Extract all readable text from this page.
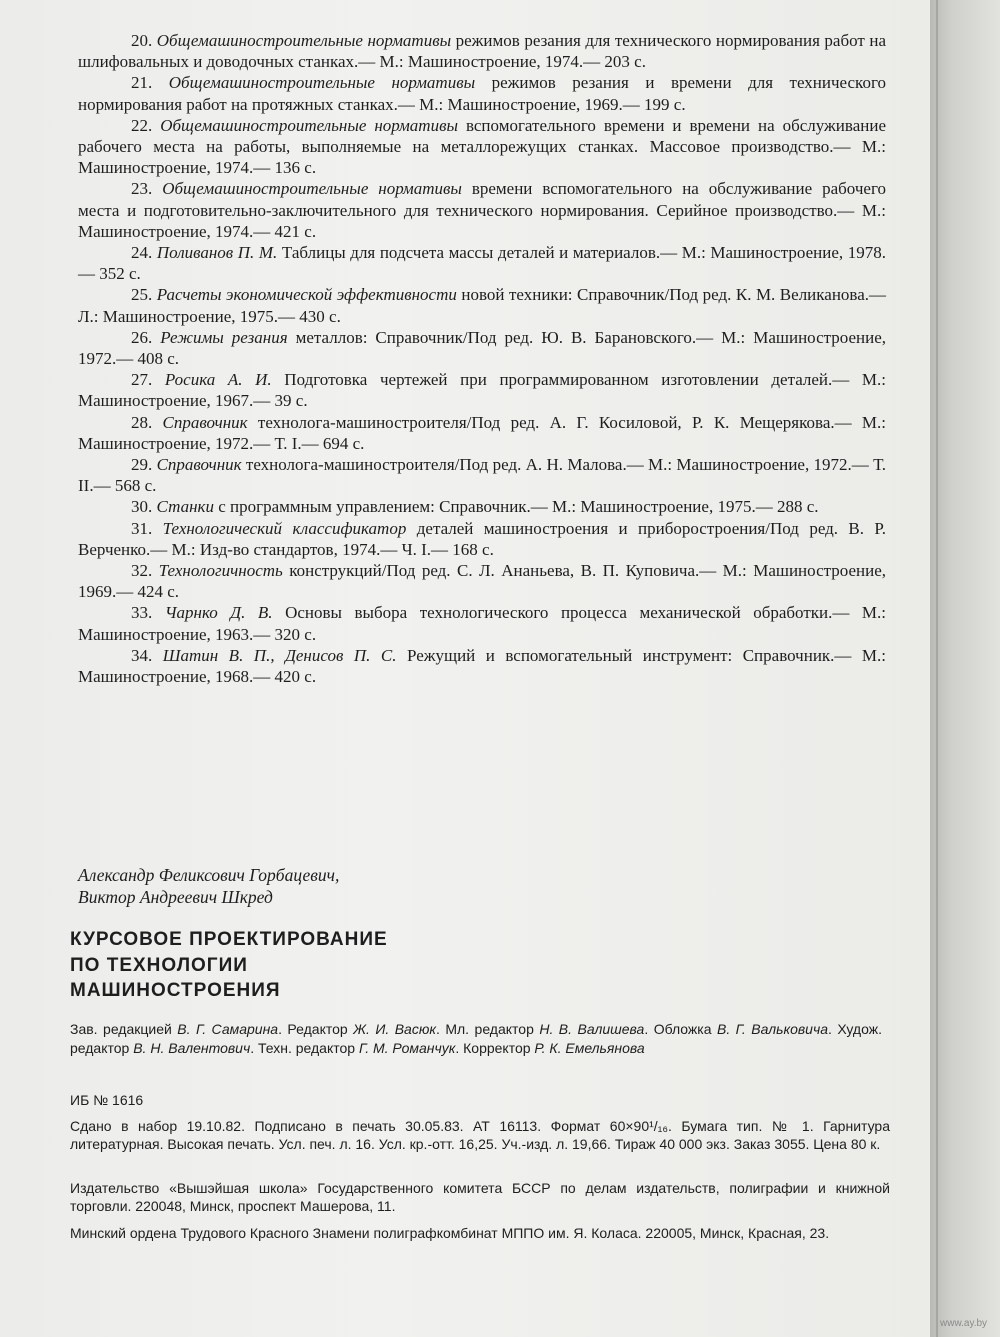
20. Общемашиностроительные нормативы режимов резания для технического нормирования работ на шлифовальных и доводочных станках.— М.: Машиностроение, 1974.— 203 с.

21. Общемашиностроительные нормативы режимов резания и времени для технического нормирования работ на протяжных станках.— М.: Машиностроение, 1969.— 199 с.

22. Общемашиностроительные нормативы вспомогательного времени и времени на обслуживание рабочего места на работы, выполняемые на металлорежущих станках. Массовое производство.— М.: Машиностроение, 1974.— 136 с.

23. Общемашиностроительные нормативы времени вспомогательного на обслуживание рабочего места и подготовительно-заключительного для технического нормирования. Серийное производство.— М.: Машиностроение, 1974.— 421 с.

24. Поливанов П. М. Таблицы для подсчета массы деталей и материалов.— М.: Машиностроение, 1978.— 352 с.

25. Расчеты экономической эффективности новой техники: Справочник/Под ред. К. М. Великанова.— Л.: Машиностроение, 1975.— 430 с.

26. Режимы резания металлов: Справочник/Под ред. Ю. В. Барановского.— М.: Машиностроение, 1972.— 408 с.

27. Росика А. И. Подготовка чертежей при программированном изготовлении деталей.— М.: Машиностроение, 1967.— 39 с.

28. Справочник технолога-машиностроителя/Под ред. А. Г. Косиловой, Р. К. Мещерякова.— М.: Машиностроение, 1972.— Т. I.— 694 с.

29. Справочник технолога-машиностроителя/Под ред. А. Н. Малова.— М.: Машиностроение, 1972.— Т. II.— 568 с.

30. Станки с программным управлением: Справочник.— М.: Машиностроение, 1975.— 288 с.

31. Технологический классификатор деталей машиностроения и приборостроения/Под ред. В. Р. Верченко.— М.: Изд-во стандартов, 1974.— Ч. I.— 168 с.

32. Технологичность конструкций/Под ред. С. Л. Ананьева, В. П. Куповича.— М.: Машиностроение, 1969.— 424 с.

33. Чарнко Д. В. Основы выбора технологического процесса механической обработки.— М.: Машиностроение, 1963.— 320 с.

34. Шатин В. П., Денисов П. С. Режущий и вспомогательный инструмент: Справочник.— М.: Машиностроение, 1968.— 420 с.

Александр Феликсович Горбацевич,
Виктор Андреевич Шкред
КУРСОВОЕ ПРОЕКТИРОВАНИЕ
ПО ТЕХНОЛОГИИ
МАШИНОСТРОЕНИЯ
Зав. редакцией В. Г. Самарина. Редактор Ж. И. Васюк. Мл. редактор Н. В. Валишева. Обложка В. Г. Вальковича. Худож. редактор В. Н. Валентович. Техн. редактор Г. М. Романчук. Корректор Р. К. Емельянова
ИБ № 1616
Сдано в набор 19.10.82. Подписано в печать 30.05.83. АТ 16113. Формат 60×90¹/₁₆. Бумага тип. № 1. Гарнитура литературная. Высокая печать. Усл. печ. л. 16. Усл. кр.-отт. 16,25. Уч.-изд. л. 19,66. Тираж 40 000 экз. Заказ 3055. Цена 80 к.
Издательство «Вышэйшая школа» Государственного комитета БССР по делам издательств, полиграфии и книжной торговли. 220048, Минск, проспект Машерова, 11.
Минский ордена Трудового Красного Знамени полиграфкомбинат МППО им. Я. Коласа. 220005, Минск, Красная, 23.
www.ay.by
